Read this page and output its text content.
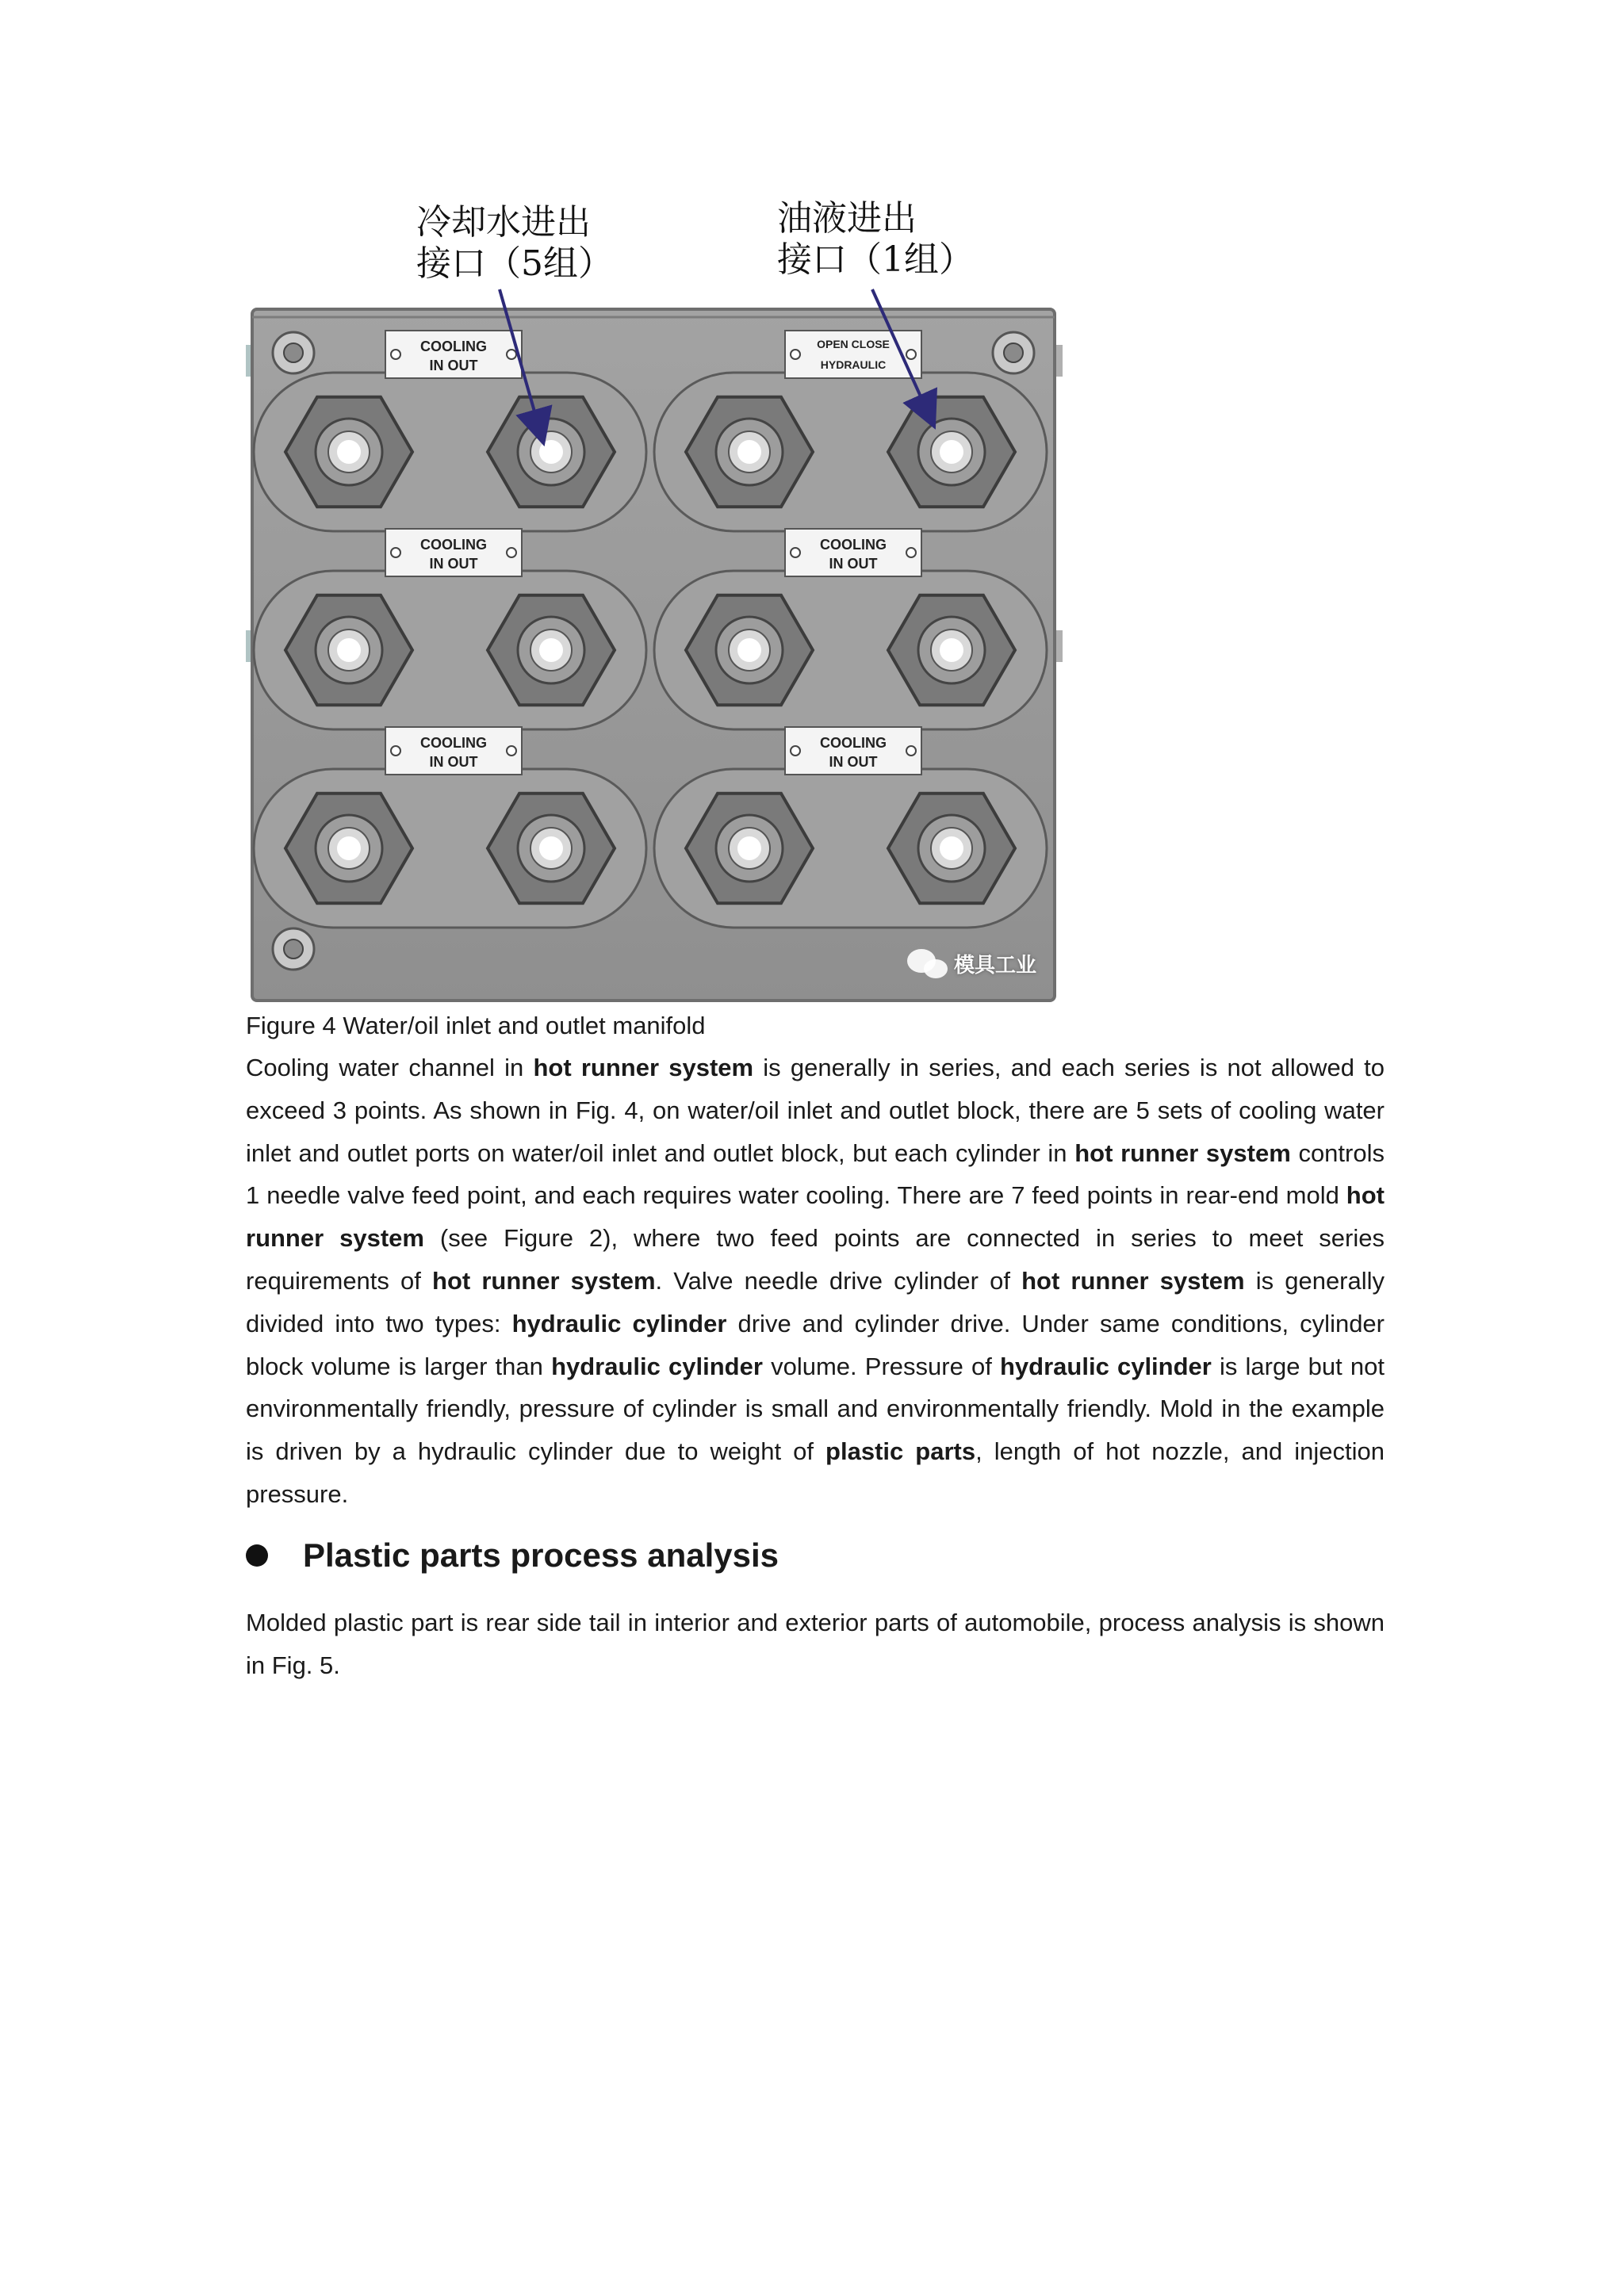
COOLING
IN OUT
OPEN CLOSE
HYDRAULIC
COOLING
IN OUT
COOLING
IN OUT
COOLING
IN OUT
COOLING
IN OUT
冷却水进出
接口（5组）
油液进出
接口（1组）
模具工业
Figure 4 Water/oil inlet and outlet manifold
Cooling water channel in hot runner system is generally in series, and each series is not allowed to exceed 3 points. As shown in Fig. 4, on water/oil inlet and outlet block, there are 5 sets of cooling water inlet and outlet ports on water/oil inlet and outlet block, but each cylinder in hot runner system controls 1 needle valve feed point, and each requires water cooling. There are 7 feed points in rear-end mold hot runner system (see Figure 2), where two feed points are connected in series to meet series requirements of hot runner system. Valve needle drive cylinder of hot runner system is generally divided into two types: hydraulic cylinder drive and cylinder drive. Under same conditions, cylinder block volume is larger than hydraulic cylinder volume. Pressure of hydraulic cylinder is large but not environmentally friendly, pressure of cylinder is small and environmentally friendly. Mold in the example is driven by a hydraulic cylinder due to weight of plastic parts, length of hot nozzle, and injection pressure.
Plastic parts process analysis
Molded plastic part is rear side tail in interior and exterior parts of automobile, process analysis is shown in Fig. 5.
